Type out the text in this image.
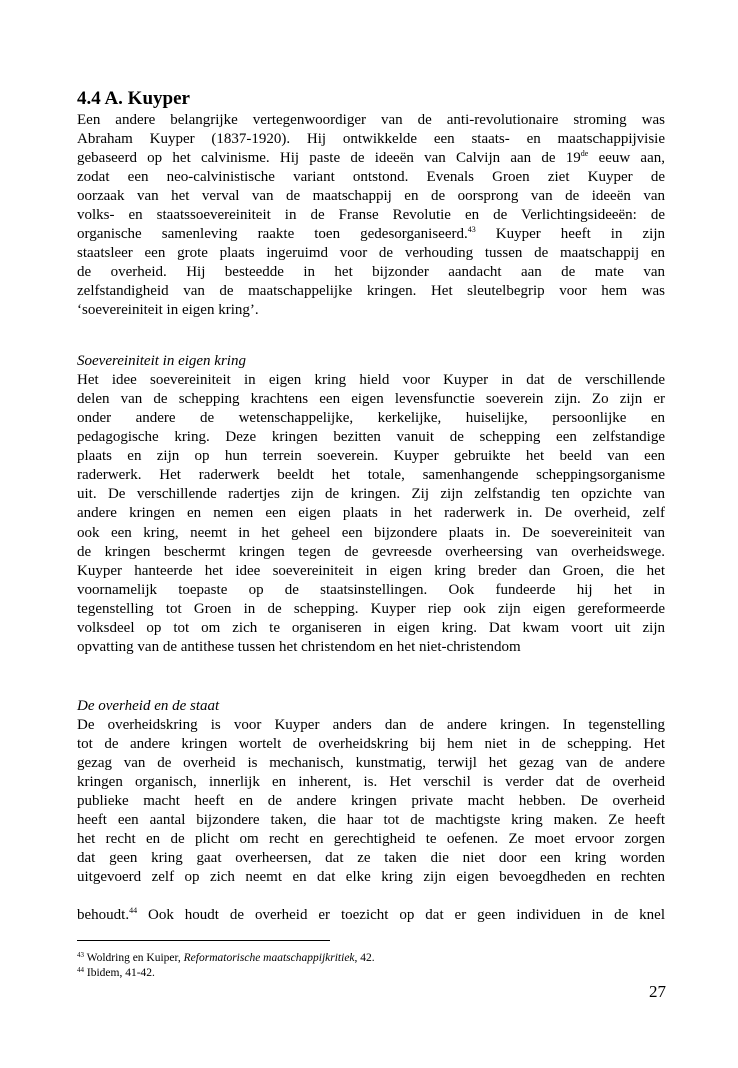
4.4 A. Kuyper
Een andere belangrijke vertegenwoordiger van de anti-revolutionaire stroming was
Abraham Kuyper (1837-1920). Hij ontwikkelde een staats- en maatschappijvisie
gebaseerd op het calvinisme. Hij paste de ideeën van Calvijn aan de 19de eeuw aan,
zodat een neo-calvinistische variant ontstond. Evenals Groen ziet Kuyper de
oorzaak van het verval van de maatschappij en de oorsprong van de ideeën van
volks- en staatssoevereiniteit in de Franse Revolutie en de Verlichtingsideeën: de
organische samenleving raakte toen gedesorganiseerd.$^{43}$ Kuyper heeft in zijn
staatsleer een grote plaats ingeruimd voor de verhouding tussen de maatschappij en
de overheid. Hij besteedde in het bijzonder aandacht aan de mate van
zelfstandigheid van de maatschappelijke kringen. Het sleutelbegrip voor hem was
‘soevereiniteit in eigen kring’.
Soevereiniteit in eigen kring
Het idee soevereiniteit in eigen kring hield voor Kuyper in dat de verschillende
delen van de schepping krachtens een eigen levensfunctie soeverein zijn. Zo zijn er
onder andere de wetenschappelijke, kerkelijke, huiselijke, persoonlijke en
pedagogische kring. Deze kringen bezitten vanuit de schepping een zelfstandige
plaats en zijn op hun terrein soeverein. Kuyper gebruikte het beeld van een
raderwerk. Het raderwerk beeldt het totale, samenhangende scheppingsorganisme
uit. De verschillende radertjes zijn de kringen. Zij zijn zelfstandig ten opzichte van
andere kringen en nemen een eigen plaats in het raderwerk in. De overheid, zelf
ook een kring, neemt in het geheel een bijzondere plaats in. De soevereiniteit van
de kringen beschermt kringen tegen de gevreesde overheersing van overheidswege.
Kuyper hanteerde het idee soevereiniteit in eigen kring breder dan Groen, die het
voornamelijk toepaste op de staatsinstellingen. Ook fundeerde hij het in
tegenstelling tot Groen in de schepping. Kuyper riep ook zijn eigen gereformeerde
volksdeel op tot om zich te organiseren in eigen kring. Dat kwam voort uit zijn
opvatting van de antithese tussen het christendom en het niet-christendom
De overheid en de staat
De overheidskring is voor Kuyper anders dan de andere kringen. In tegenstelling
tot de andere kringen wortelt de overheidskring bij hem niet in de schepping. Het
gezag van de overheid is mechanisch, kunstmatig, terwijl het gezag van de andere
kringen organisch, innerlijk en inherent, is. Het verschil is verder dat de overheid
publieke macht heeft en de andere kringen private macht hebben. De overheid
heeft een aantal bijzondere taken, die haar tot de machtigste kring maken. Ze heeft
het recht en de plicht om recht en gerechtigheid te oefenen. Ze moet ervoor zorgen
dat geen kring gaat overheersen, dat ze taken die niet door een kring worden
uitgevoerd zelf op zich neemt en dat elke kring zijn eigen bevoegdheden en rechten
behoudt.$^{44}$ Ook houdt de overheid er toezicht op dat er geen individuen in de knel
$^{43}$ Woldring en Kuiper, Reformatorische maatschappijkritiek, 42.
$^{44}$ Ibidem, 41-42.
27
